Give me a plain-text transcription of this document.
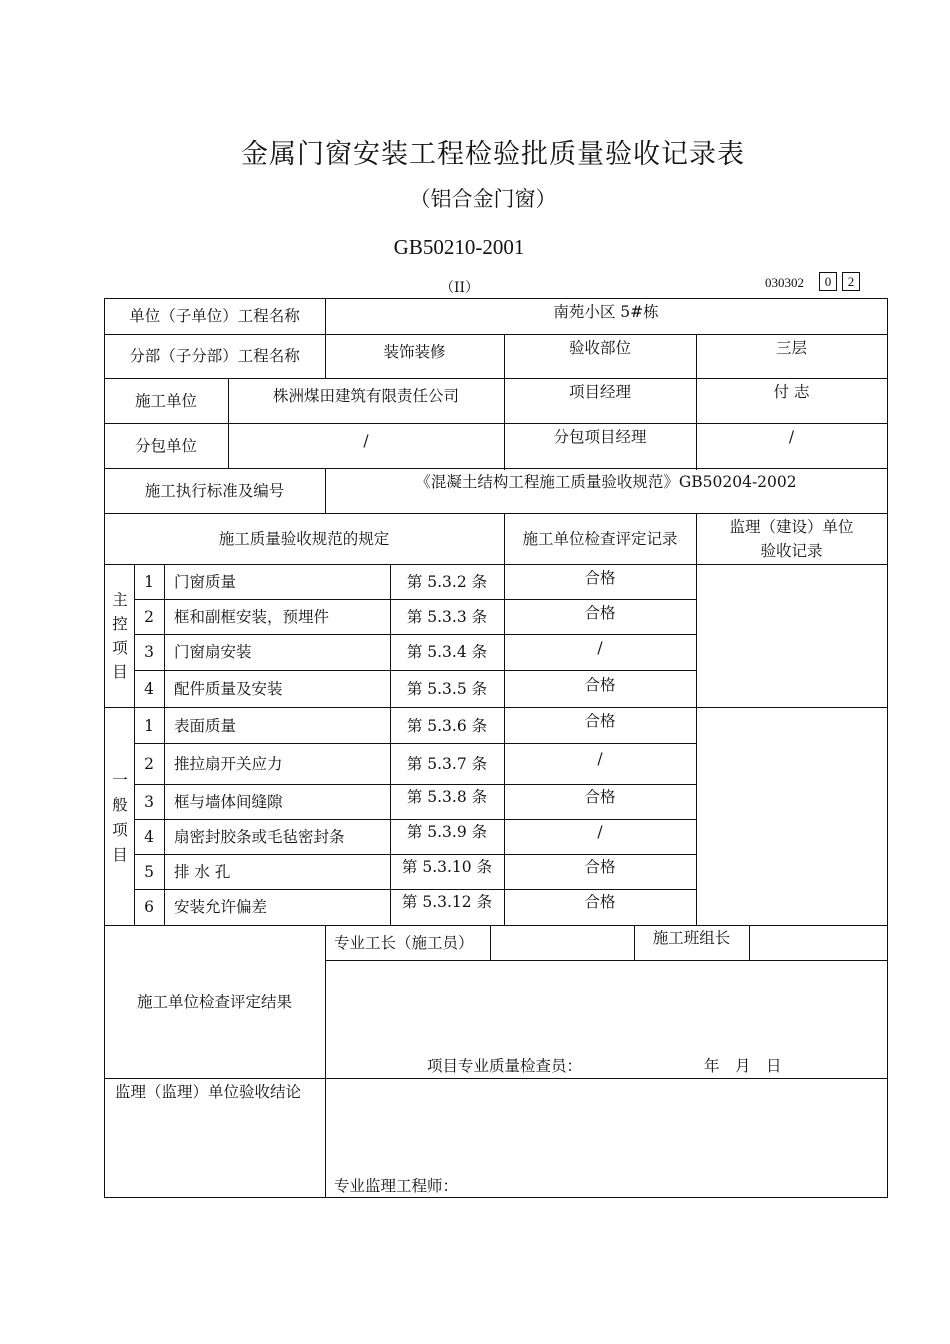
金属门窗安装工程检验批质量验收记录表
（铝合金门窗）
GB50210-2001
（II）	030302	0	2
单位（子单位）工程名称	南苑小区 5#栋
分部（子分部）工程名称	装饰装修	验收部位	三层
施工单位	株洲煤田建筑有限责任公司	项目经理	付 志
分包单位	/	分包项目经理	/
施工执行标准及编号	《混凝土结构工程施工质量验收规范》GB50204-2002
施工质量验收规范的规定	施工单位检查评定记录
监理（建设）单位
验收记录
主
控
项
目
1	门窗质量	第 5.3.2 条	合格
2	框和副框安装，预埋件	第 5.3.3 条	合格
3	门窗扇安装	第 5.3.4 条	/
4	配件质量及安装	第 5.3.5 条	合格
一
般
项
目
1	表面质量	第 5.3.6 条	合格
2	推拉扇开关应力	第 5.3.7 条	/
3	框与墙体间缝隙	第 5.3.8 条	合格
4	扇密封胶条或毛毡密封条	第 5.3.9 条	/
5	排 水 孔	第 5.3.10 条	合格
6	安装允许偏差	第 5.3.12 条	合格
施工单位检查评定结果
专业工长（施工员）	施工班组长
项目专业质量检查员：	年　月　日
监理（监理）单位验收结论
专业监理工程师：
